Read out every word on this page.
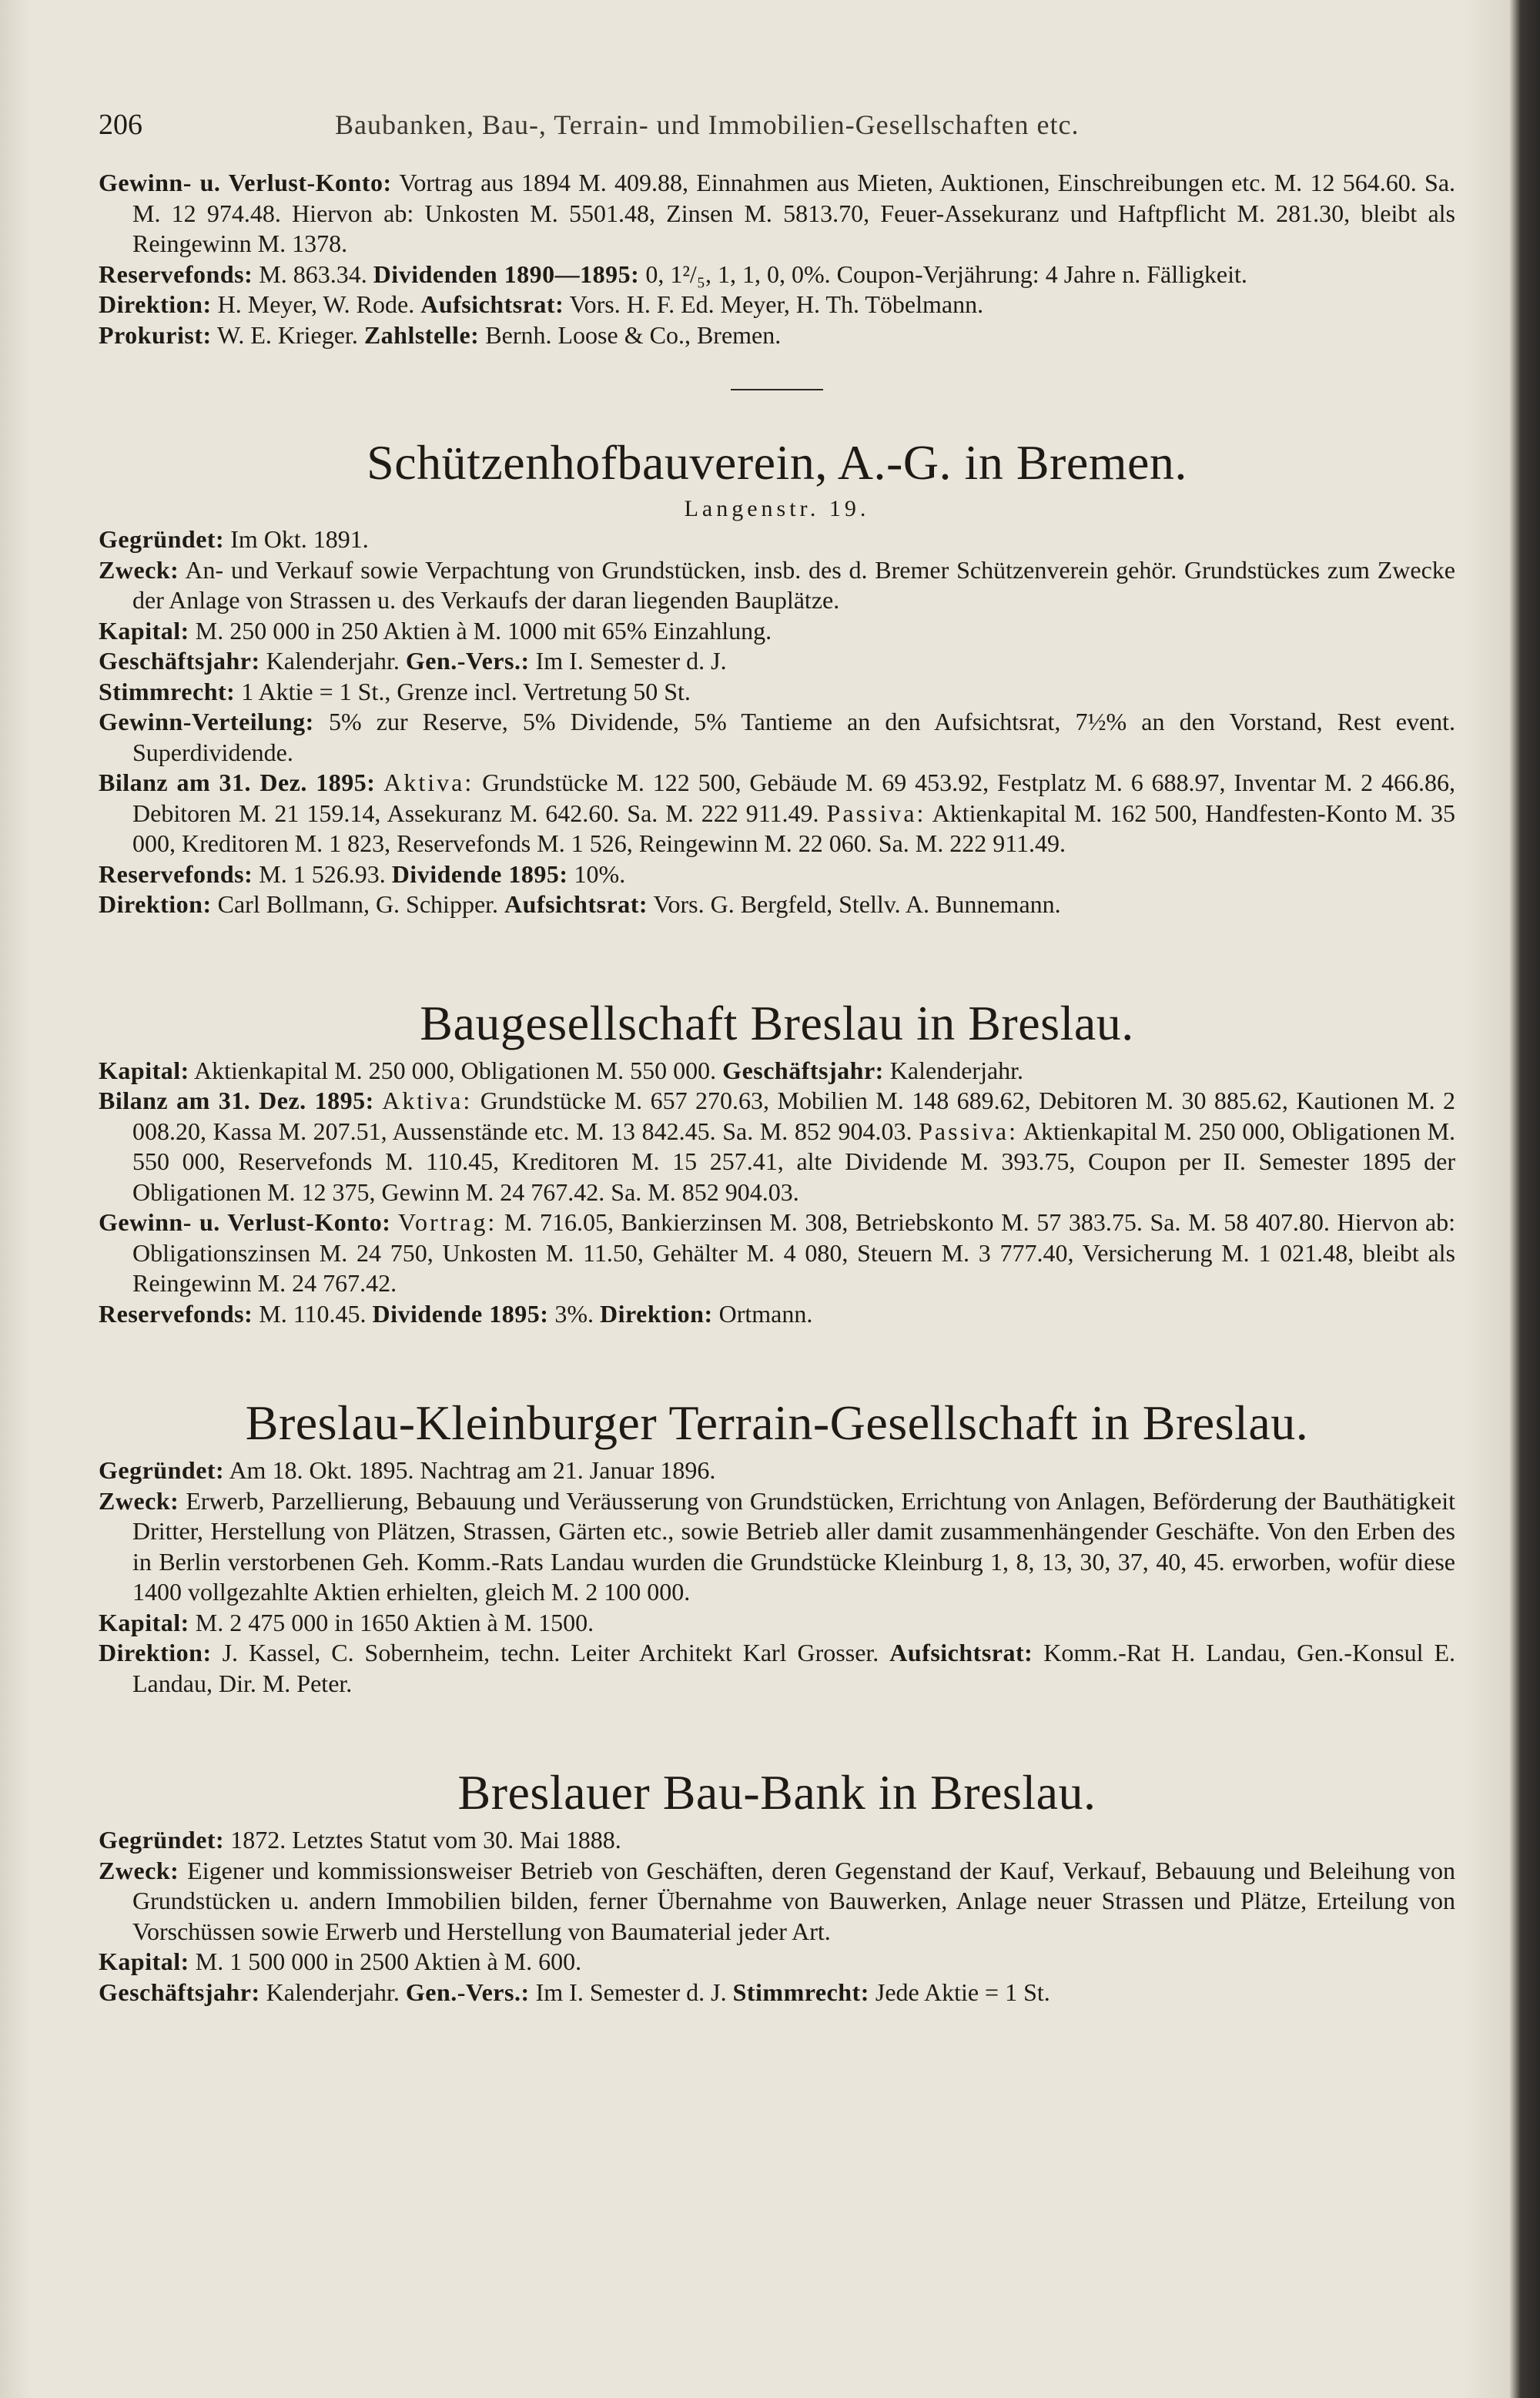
206	Baubanken, Bau-, Terrain- und Immobilien-Gesellschaften etc.

Gewinn- u. Verlust-Konto: Vortrag aus 1894 M. 409.88, Einnahmen aus Mieten, Auktionen, Einschreibungen etc. M. 12 564.60. Sa. M. 12 974.48. Hiervon ab: Unkosten M. 5501.48, Zinsen M. 5813.70, Feuer-Assekuranz und Haftpflicht M. 281.30, bleibt als Reingewinn M. 1378.

Reservefonds: M. 863.34. Dividenden 1890—1895: 0, 1²/₅, 1, 1, 0, 0%. Coupon-Verjährung: 4 Jahre n. Fälligkeit.

Direktion: H. Meyer, W. Rode. Aufsichtsrat: Vors. H. F. Ed. Meyer, H. Th. Töbelmann.

Prokurist: W. E. Krieger. Zahlstelle: Bernh. Loose & Co., Bremen.

Schützenhofbauverein, A.-G. in Bremen.
Langenstr. 19.

Gegründet: Im Okt. 1891.

Zweck: An- und Verkauf sowie Verpachtung von Grundstücken, insb. des d. Bremer Schützenverein gehör. Grundstückes zum Zwecke der Anlage von Strassen u. des Verkaufs der daran liegenden Bauplätze.

Kapital: M. 250 000 in 250 Aktien à M. 1000 mit 65% Einzahlung.

Geschäftsjahr: Kalenderjahr. Gen.-Vers.: Im I. Semester d. J.

Stimmrecht: 1 Aktie = 1 St., Grenze incl. Vertretung 50 St.

Gewinn-Verteilung: 5% zur Reserve, 5% Dividende, 5% Tantieme an den Aufsichtsrat, 7½% an den Vorstand, Rest event. Superdividende.

Bilanz am 31. Dez. 1895: Aktiva: Grundstücke M. 122 500, Gebäude M. 69 453.92, Festplatz M. 6 688.97, Inventar M. 2 466.86, Debitoren M. 21 159.14, Assekuranz M. 642.60. Sa. M. 222 911.49. Passiva: Aktienkapital M. 162 500, Handfesten-Konto M. 35 000, Kreditoren M. 1 823, Reservefonds M. 1 526, Reingewinn M. 22 060. Sa. M. 222 911.49.

Reservefonds: M. 1 526.93. Dividende 1895: 10%.

Direktion: Carl Bollmann, G. Schipper. Aufsichtsrat: Vors. G. Bergfeld, Stellv. A. Bunnemann.

Baugesellschaft Breslau in Breslau.

Kapital: Aktienkapital M. 250 000, Obligationen M. 550 000. Geschäftsjahr: Kalenderjahr.

Bilanz am 31. Dez. 1895: Aktiva: Grundstücke M. 657 270.63, Mobilien M. 148 689.62, Debitoren M. 30 885.62, Kautionen M. 2 008.20, Kassa M. 207.51, Aussenstände etc. M. 13 842.45. Sa. M. 852 904.03. Passiva: Aktienkapital M. 250 000, Obligationen M. 550 000, Reservefonds M. 110.45, Kreditoren M. 15 257.41, alte Dividende M. 393.75, Coupon per II. Semester 1895 der Obligationen M. 12 375, Gewinn M. 24 767.42. Sa. M. 852 904.03.

Gewinn- u. Verlust-Konto: Vortrag: M. 716.05, Bankierzinsen M. 308, Betriebskonto M. 57 383.75. Sa. M. 58 407.80. Hiervon ab: Obligationszinsen M. 24 750, Unkosten M. 11.50, Gehälter M. 4 080, Steuern M. 3 777.40, Versicherung M. 1 021.48, bleibt als Reingewinn M. 24 767.42.

Reservefonds: M. 110.45. Dividende 1895: 3%. Direktion: Ortmann.

Breslau-Kleinburger Terrain-Gesellschaft in Breslau.

Gegründet: Am 18. Okt. 1895. Nachtrag am 21. Januar 1896.

Zweck: Erwerb, Parzellierung, Bebauung und Veräusserung von Grundstücken, Errichtung von Anlagen, Beförderung der Bauthätigkeit Dritter, Herstellung von Plätzen, Strassen, Gärten etc., sowie Betrieb aller damit zusammenhängender Geschäfte. Von den Erben des in Berlin verstorbenen Geh. Komm.-Rats Landau wurden die Grundstücke Kleinburg 1, 8, 13, 30, 37, 40, 45. erworben, wofür diese 1400 vollgezahlte Aktien erhielten, gleich M. 2 100 000.

Kapital: M. 2 475 000 in 1650 Aktien à M. 1500.

Direktion: J. Kassel, C. Sobernheim, techn. Leiter Architekt Karl Grosser. Aufsichtsrat: Komm.-Rat H. Landau, Gen.-Konsul E. Landau, Dir. M. Peter.

Breslauer Bau-Bank in Breslau.

Gegründet: 1872. Letztes Statut vom 30. Mai 1888.

Zweck: Eigener und kommissionsweiser Betrieb von Geschäften, deren Gegenstand der Kauf, Verkauf, Bebauung und Beleihung von Grundstücken u. andern Immobilien bilden, ferner Übernahme von Bauwerken, Anlage neuer Strassen und Plätze, Erteilung von Vorschüssen sowie Erwerb und Herstellung von Baumaterial jeder Art.

Kapital: M. 1 500 000 in 2500 Aktien à M. 600.

Geschäftsjahr: Kalenderjahr. Gen.-Vers.: Im I. Semester d. J. Stimmrecht: Jede Aktie = 1 St.
